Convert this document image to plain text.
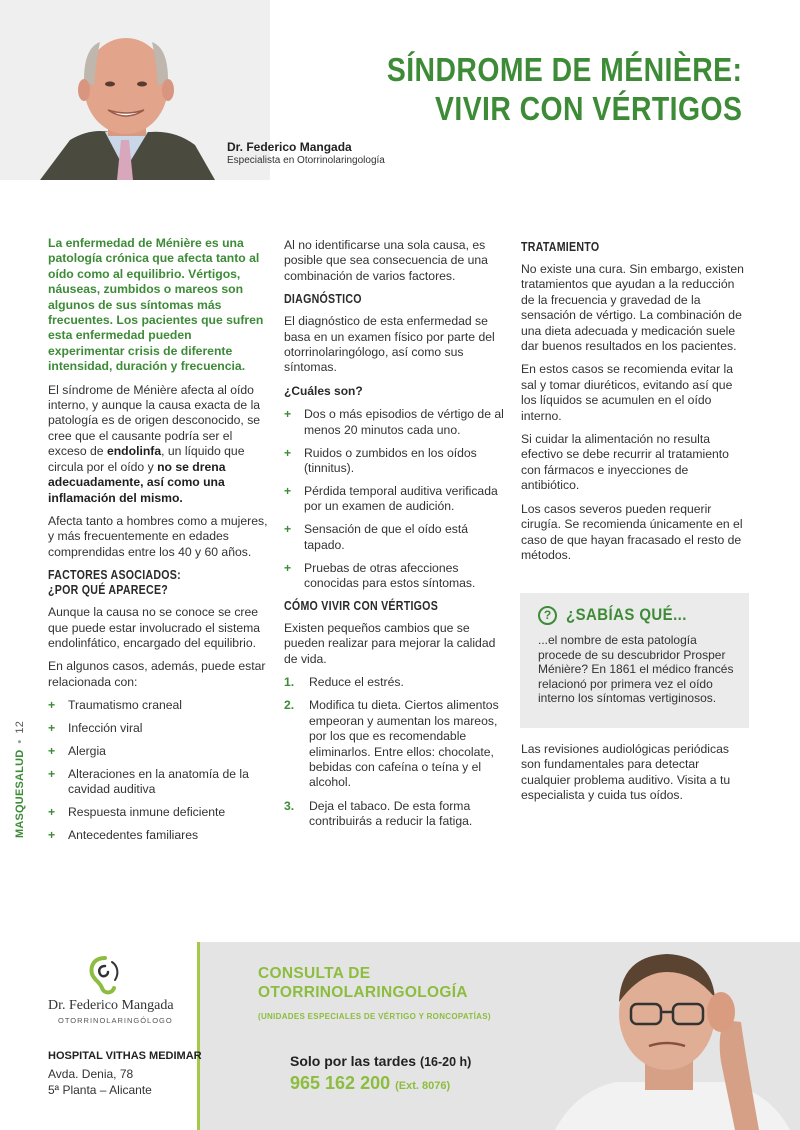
Dr. Federico Mangada
Especialista en Otorrinolaringología
SÍNDROME DE MÉNIÈRE:
VIVIR CON VÉRTIGOS

La enfermedad de Ménière es una patología crónica que afecta tanto al oído como al equilibrio. Vértigos, náuseas, zumbidos o mareos son algunos de sus síntomas más frecuentes. Los pacientes que sufren esta enfermedad pueden experimentar crisis de diferente intensidad, duración y frecuencia.

El síndrome de Ménière afecta al oído interno, y aunque la causa exacta de la patología es de origen desconocido, se cree que el causante podría ser el exceso de endolinfa, un líquido que circula por el oído y no se drena adecuadamente, así como una inflamación del mismo.

Afecta tanto a hombres como a mujeres, y más frecuentemente en edades comprendidas entre los 40 y 60 años.

FACTORES ASOCIADOS:
¿POR QUÉ APARECE?

Aunque la causa no se conoce se cree que puede estar involucrado el sistema endolinfático, encargado del equilibrio.

En algunos casos, además, puede estar relacionada con:

+ Traumatismo craneal
+ Infección viral
+ Alergia
+ Alteraciones en la anatomía de la cavidad auditiva
+ Respuesta inmune deficiente
+ Antecedentes familiares

Al no identificarse una sola causa, es posible que sea consecuencia de una combinación de varios factores.

DIAGNÓSTICO

El diagnóstico de esta enfermedad se basa en un examen físico por parte del otorrinolaringólogo, así como sus síntomas.

¿Cuáles son?
+ Dos o más episodios de vértigo de al menos 20 minutos cada uno.
+ Ruidos o zumbidos en los oídos (tinnitus).
+ Pérdida temporal auditiva verificada por un examen de audición.
+ Sensación de que el oído está tapado.
+ Pruebas de otras afecciones conocidas para estos síntomas.
CÓMO VIVIR CON VÉRTIGOS

Existen pequeños cambios que se pueden realizar para mejorar la calidad de vida.

1. Reduce el estrés.
2. Modifica tu dieta. Ciertos alimentos empeoran y aumentan los mareos, por los que es recomendable eliminarlos. Entre ellos: chocolate, bebidas con cafeína o teína y el alcohol.
3. Deja el tabaco. De esta forma contribuirás a reducir la fatiga.
TRATAMIENTO

No existe una cura. Sin embargo, existen tratamientos que ayudan a la reducción de la frecuencia y gravedad de la sensación de vértigo. La combinación de una dieta adecuada y medicación suele dar buenos resultados en los pacientes.

En estos casos se recomienda evitar la sal y tomar diuréticos, evitando así que los líquidos se acumulen en el oído interno.

Si cuidar la alimentación no resulta efectivo se debe recurrir al tratamiento con fármacos e inyecciones de antibiótico.

Los casos severos pueden requerir cirugía. Se recomienda únicamente en el caso de que hayan fracasado el resto de métodos.

? ¿SABÍAS QUÉ...
...el nombre de esta patología procede de su descubridor Prosper Ménière? En 1861 el médico francés relacionó por primera vez el oído interno los síntomas vertiginosos.
Las revisiones audiológicas periódicas son fundamentales para detectar cualquier problema auditivo. Visita a tu especialista y cuida tus oídos.
MASQUESALUD•12
Dr. Federico Mangada
OTORRINOLARINGÓLOGO
HOSPITAL VITHAS MEDIMAR
Avda. Denia, 78
5ª Planta – Alicante
CONSULTA DE
OTORRINOLARINGOLOGÍA
(UNIDADES ESPECIALES DE VÉRTIGO Y RONCOPATÍAS)
Solo por las tardes (16-20 h)
965 162 200 (Ext. 8076)
